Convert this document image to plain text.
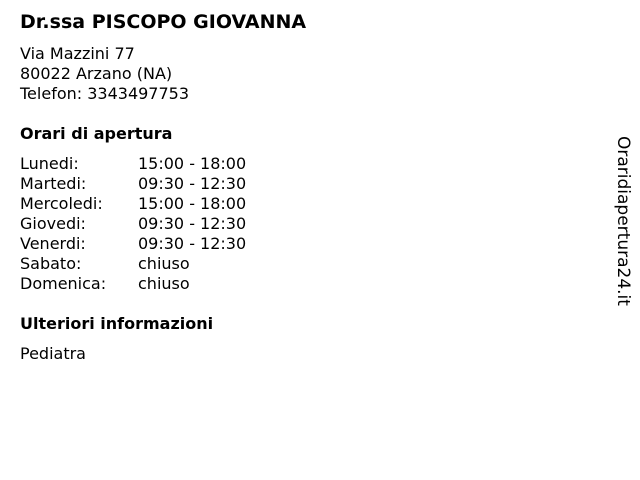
Dr.ssa PISCOPO GIOVANNA
Via Mazzini 77
80022 Arzano (NA)
Telefon: 3343497753
Orari di apertura
Lunedi:	15:00 - 18:00
Martedi:	09:30 - 12:30
Mercoledi:	15:00 - 18:00
Giovedi:	09:30 - 12:30
Venerdi:	09:30 - 12:30
Sabato:	chiuso
Domenica:	chiuso
Ulteriori informazioni
Pediatra
Oraridiapertura24.it
